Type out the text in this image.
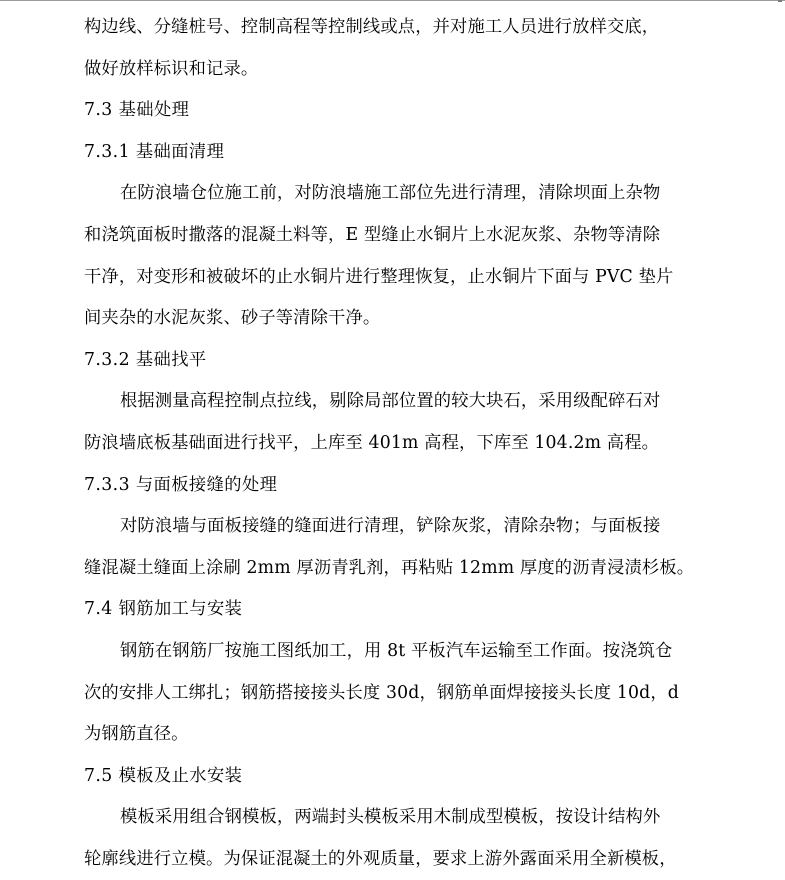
构边线、分缝桩号、控制高程等控制线或点，并对施工人员进行放样交底，
做好放样标识和记录。
7.3 基础处理
7.3.1 基础面清理
在防浪墙仓位施工前，对防浪墙施工部位先进行清理，清除坝面上杂物
和浇筑面板时撒落的混凝土料等，E 型缝止水铜片上水泥灰浆、杂物等清除
干净，对变形和被破坏的止水铜片进行整理恢复，止水铜片下面与 PVC 垫片
间夹杂的水泥灰浆、砂子等清除干净。
7.3.2 基础找平
根据测量高程控制点拉线，剔除局部位置的较大块石，采用级配碎石对
防浪墙底板基础面进行找平，上库至 401m 高程，下库至 104.2m 高程。
7.3.3 与面板接缝的处理
对防浪墙与面板接缝的缝面进行清理，铲除灰浆，清除杂物；与面板接
缝混凝土缝面上涂刷 2mm 厚沥青乳剂，再粘贴 12mm 厚度的沥青浸渍杉板。
7.4 钢筋加工与安装
钢筋在钢筋厂按施工图纸加工，用 8t 平板汽车运输至工作面。按浇筑仓
次的安排人工绑扎；钢筋搭接接头长度 30d，钢筋单面焊接接头长度 10d，d
为钢筋直径。
7.5 模板及止水安装
模板采用组合钢模板，两端封头模板采用木制成型模板，按设计结构外
轮廓线进行立模。为保证混凝土的外观质量，要求上游外露面采用全新模板，
